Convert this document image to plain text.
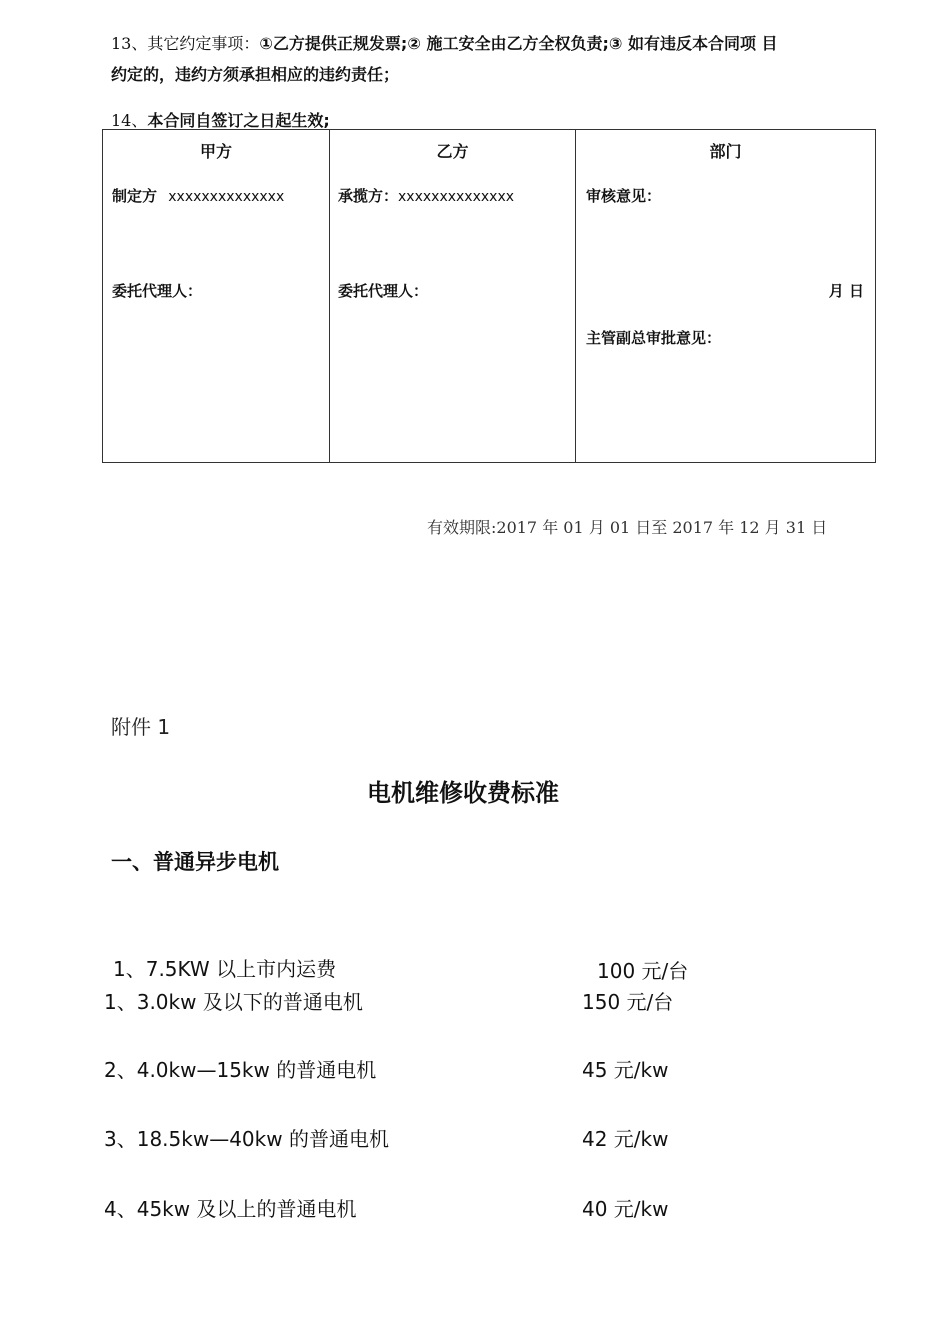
13、其它约定事项：①乙方提供正规发票;② 施工安全由乙方全权负责;③ 如有违反本合同项 目
约定的，违约方须承担相应的违约责任；
14、本合同自签订之日起生效;
甲方
制定方 xxxxxxxxxxxxxx
委托代理人：

乙方
承揽方：xxxxxxxxxxxxxx
委托代理人：

部门
审核意见：
月 日
主管副总审批意见：
有效期限:2017 年 01 月 01 日至 2017 年 12 月 31 日
附件 1
电机维修收费标准
一、普通异步电机
1、7.5KW 以上市内运费	100 元/台
1、3.0kw 及以下的普通电机	150 元/台
2、4.0kw—15kw 的普通电机	45 元/kw
3、18.5kw—40kw 的普通电机	42 元/kw
4、45kw 及以上的普通电机	40 元/kw
